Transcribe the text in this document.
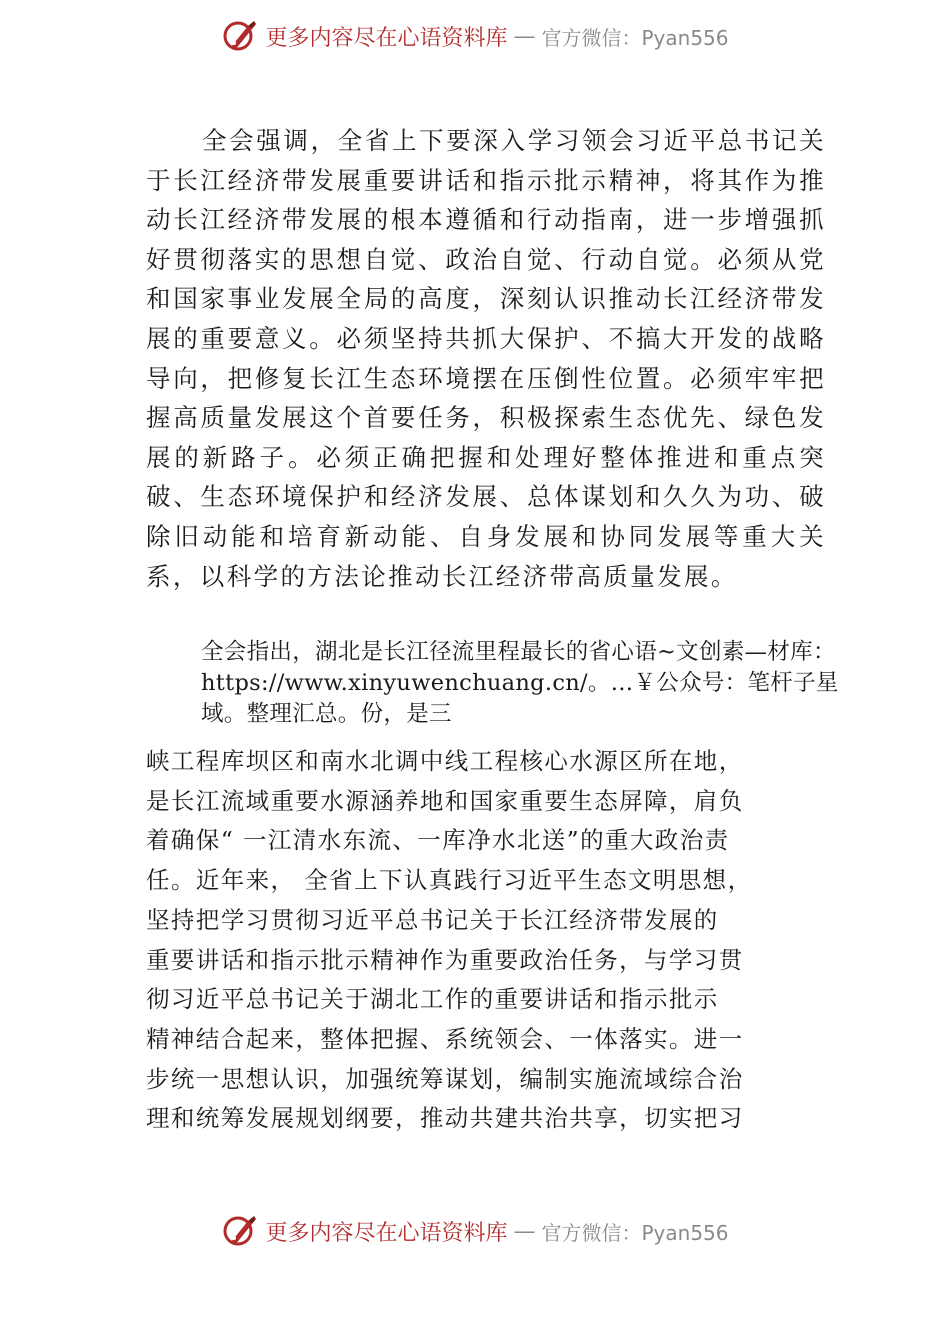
更多内容尽在心语资料库 — 官方微信：Pyan556

全会强调，全省上下要深入学习领会习近平总书记关于长江经济带发展重要讲话和指示批示精神，将其作为推动长江经济带发展的根本遵循和行动指南，进一步增强抓好贯彻落实的思想自觉、政治自觉、行动自觉。必须从党和国家事业发展全局的高度，深刻认识推动长江经济带发展的重要意义。必须坚持共抓大保护、不搞大开发的战略导向，把修复长江生态环境摆在压倒性位置。必须牢牢把握高质量发展这个首要任务，积极探索生态优先、绿色发展的新路子。必须正确把握和处理好整体推进和重点突破、生态环境保护和经济发展、总体谋划和久久为功、破除旧动能和培育新动能、自身发展和协同发展等重大关系，以科学的方法论推动长江经济带高质量发展。

全会指出，湖北是长江径流里程最长的省心语~文创素—材库：https://www.xinyuwenchuang.cn/。…￥公众号：笔杆子星域。整理汇总。份，是三

峡工程库坝区和南水北调中线工程核心水源区所在地，
是长江流域重要水源涵养地和国家重要生态屏障，肩负
着确保“ 一江清水东流、一库净水北送”的重大政治责
任。近年来， 全省上下认真践行习近平生态文明思想，
坚持把学习贯彻习近平总书记关于长江经济带发展的
重要讲话和指示批示精神作为重要政治任务，与学习贯
彻习近平总书记关于湖北工作的重要讲话和指示批示
精神结合起来，整体把握、系统领会、一体落实。进一
步统一思想认识，加强统筹谋划，编制实施流域综合治
理和统筹发展规划纲要，推动共建共治共享，切实把习
更多内容尽在心语资料库 — 官方微信：Pyan556
